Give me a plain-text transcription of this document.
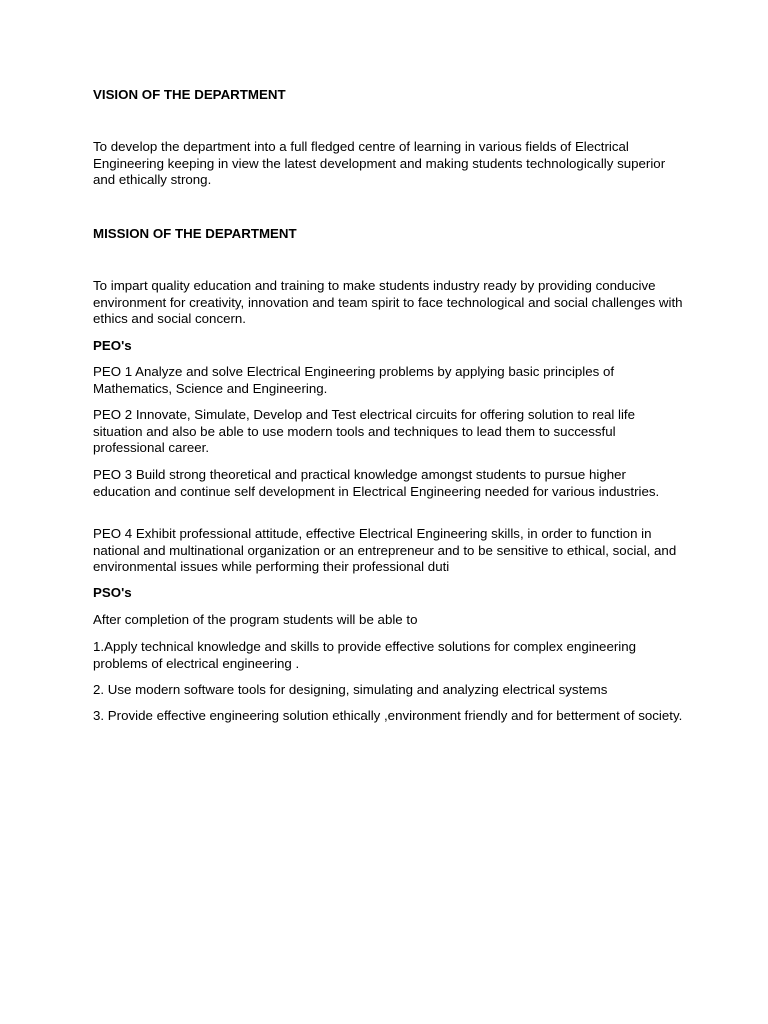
VISION OF THE DEPARTMENT

To develop the department into a full fledged centre of learning in various fields of Electrical Engineering keeping in view the latest development and making students technologically superior and ethically strong.

MISSION OF THE DEPARTMENT

To impart quality education and training to make students industry ready by providing conducive environment for creativity, innovation and team spirit to face technological and social challenges with ethics and social concern.

PEO's

PEO 1 Analyze and solve Electrical Engineering problems by applying basic principles of Mathematics, Science and Engineering.

PEO 2 Innovate, Simulate, Develop and Test electrical circuits for offering solution to real life situation and also be able to use modern tools and techniques to lead them to successful professional career.

PEO 3 Build strong theoretical and practical knowledge amongst students to pursue higher education and continue self development in Electrical Engineering needed for various industries.

PEO 4 Exhibit professional attitude, effective Electrical Engineering skills, in order to function in national and multinational organization or an entrepreneur and to be sensitive to ethical, social, and environmental issues while performing their professional duti

PSO's

After completion of the program students will be able to

1.Apply technical knowledge and skills to provide effective solutions for complex engineering problems of electrical engineering .

2. Use modern software tools for designing, simulating and analyzing electrical systems

3. Provide effective engineering solution ethically ,environment friendly and for betterment of society.
